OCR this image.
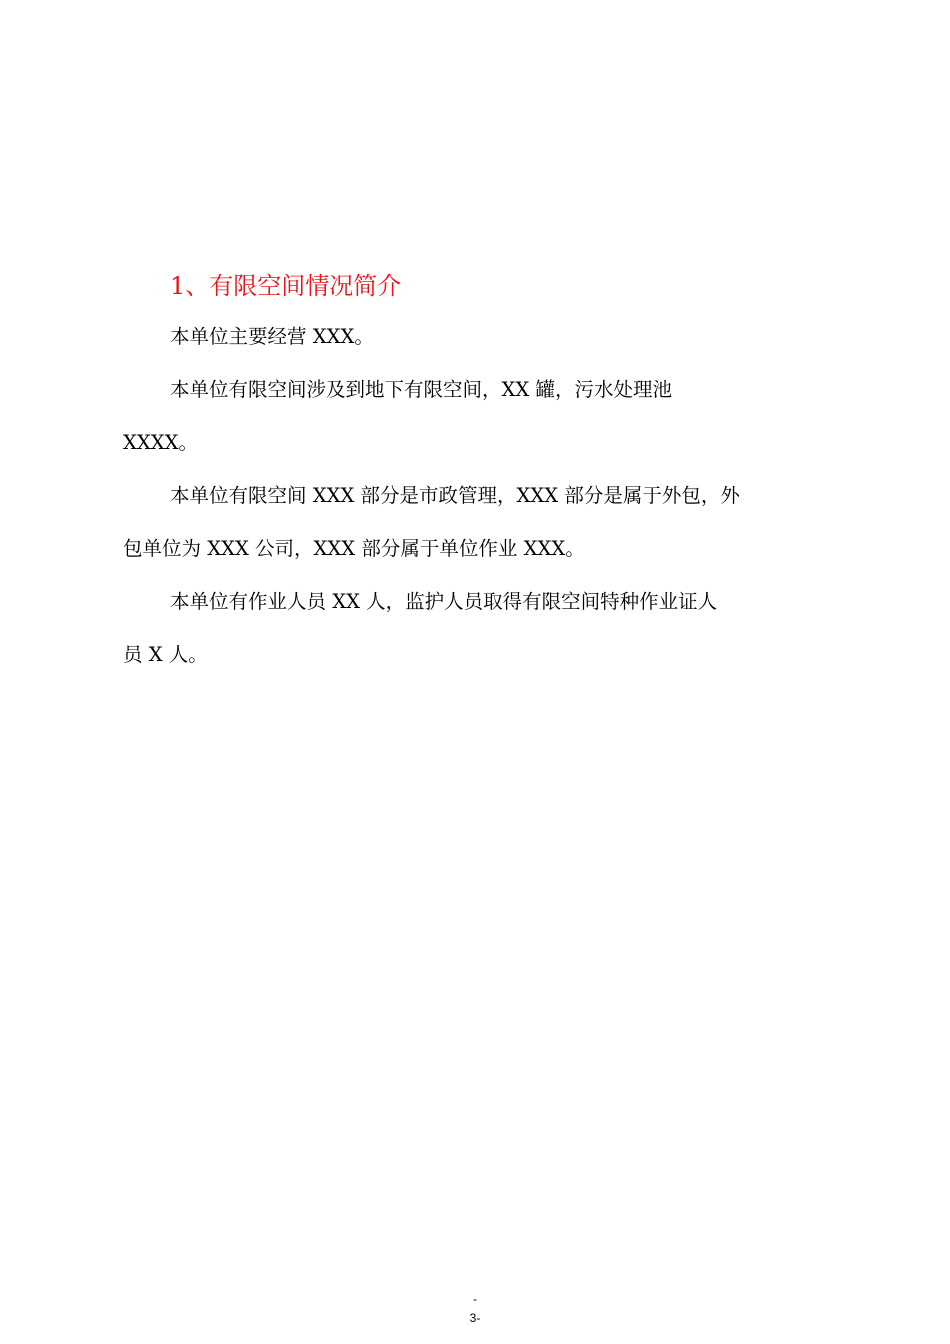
1、有限空间情况简介

本单位主要经营 XXX。

本单位有限空间涉及到地下有限空间，XX 罐，污水处理池
XXXX。

本单位有限空间 XXX 部分是市政管理，XXX 部分是属于外包，外
包单位为 XXX 公司，XXX 部分属于单位作业 XXX。

本单位有作业人员 XX 人，监护人员取得有限空间特种作业证人
员 X 人。

-
3-
